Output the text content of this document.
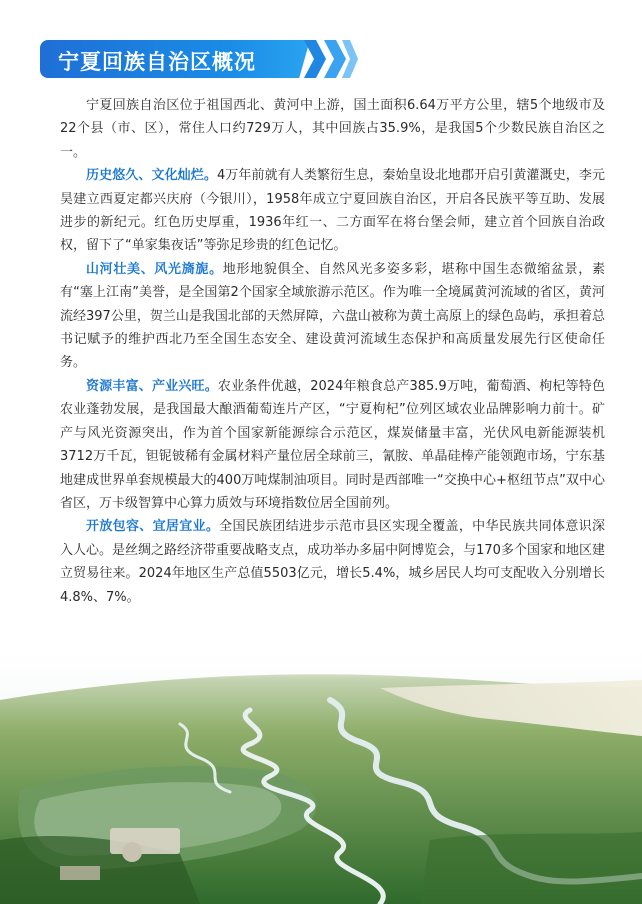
宁夏回族自治区概况

宁夏回族自治区位于祖国西北、黄河中上游，国土面积6.64万平方公里，辖5个地级市及22个县（市、区），常住人口约729万人，其中回族占35.9%，是我国5个少数民族自治区之一。

历史悠久、文化灿烂。4万年前就有人类繁衍生息，秦始皇设北地郡开启引黄灌溉史，李元昊建立西夏定都兴庆府（今银川），1958年成立宁夏回族自治区，开启各民族平等互助、发展进步的新纪元。红色历史厚重，1936年红一、二方面军在将台堡会师，建立首个回族自治政权，留下了“单家集夜话”等弥足珍贵的红色记忆。

山河壮美、风光旖旎。地形地貌俱全、自然风光多姿多彩，堪称中国生态微缩盆景，素有“塞上江南”美誉，是全国第2个国家全域旅游示范区。作为唯一全境属黄河流域的省区，黄河流经397公里，贺兰山是我国北部的天然屏障，六盘山被称为黄土高原上的绿色岛屿，承担着总书记赋予的维护西北乃至全国生态安全、建设黄河流域生态保护和高质量发展先行区使命任务。

资源丰富、产业兴旺。农业条件优越，2024年粮食总产385.9万吨，葡萄酒、枸杞等特色农业蓬勃发展，是我国最大酿酒葡萄连片产区，“宁夏枸杞”位列区域农业品牌影响力前十。矿产与风光资源突出，作为首个国家新能源综合示范区，煤炭储量丰富，光伏风电新能源装机3712万千瓦，钽铌铍稀有金属材料产量位居全球前三，氰胺、单晶硅棒产能领跑市场，宁东基地建成世界单套规模最大的400万吨煤制油项目。同时是西部唯一“交换中心+枢纽节点”双中心省区，万卡级智算中心算力质效与环境指数位居全国前列。

开放包容、宜居宜业。全国民族团结进步示范市县区实现全覆盖，中华民族共同体意识深入人心。是丝绸之路经济带重要战略支点，成功举办多届中阿博览会，与170多个国家和地区建立贸易往来。2024年地区生产总值5503亿元，增长5.4%，城乡居民人均可支配收入分别增长4.8%、7%。
